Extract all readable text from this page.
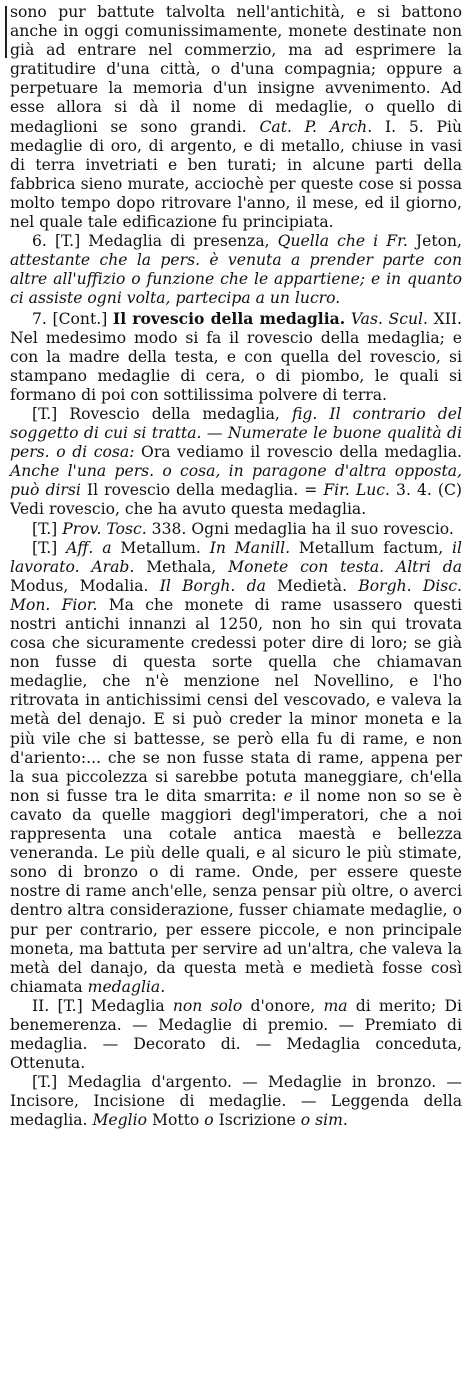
sono pur battute talvolta nell'antichità, e si battono anche in oggi comunissimamente, monete destinate non già ad entrare nel commerzio, ma ad esprimere la gratitudire d'una città, o d'una compagnia; oppure a perpetuare la memoria d'un insigne avvenimento. Ad esse allora si dà il nome di medaglie, o quello di medaglioni se sono grandi. Cat. P. Arch. I. 5. Più medaglie di oro, di argento, e di metallo, chiuse in vasi di terra invetriati e ben turati; in alcune parti della fabbrica sieno murate, acciochè per queste cose si possa molto tempo dopo ritrovare l'anno, il mese, ed il giorno, nel quale tale edificazione fu principiata.

6. [T.] Medaglia di presenza, Quella che i Fr. Jeton, attestante che la pers. è venuta a prender parte con altre all'uffizio o funzione che le appartiene; e in quanto ci assiste ogni volta, partecipa a un lucro.

7. [Cont.] Il rovescio della medaglia. Vas. Scul. XII. Nel medesimo modo si fa il rovescio della medaglia; e con la madre della testa, e con quella del rovescio, si stampano medaglie di cera, o di piombo, le quali si formano di poi con sottilissima polvere di terra.

[T.] Rovescio della medaglia, fig. Il contrario del soggetto di cui si tratta. — Numerate le buone qualità di pers. o di cosa: Ora vediamo il rovescio della medaglia. Anche l'una pers. o cosa, in paragone d'altra opposta, può dirsi Il rovescio della medaglia. = Fir. Luc. 3. 4. (C) Vedi rovescio, che ha avuto questa medaglia.

[T.] Prov. Tosc. 338. Ogni medaglia ha il suo rovescio.

[T.] Aff. a Metallum. In Manill. Metallum factum, il lavorato. Arab. Methala, Monete con testa. Altri da Modus, Modalia. Il Borgh. da Medietà. Borgh. Disc. Mon. Fior. Ma che monete di rame usassero questi nostri antichi innanzi al 1250, non ho sin qui trovata cosa che sicuramente credessi poter dire di loro; se già non fusse di questa sorte quella che chiamavan medaglie, che n'è menzione nel Novellino, e l'ho ritrovata in antichissimi censi del vescovado, e valeva la metà del denajo. E si può creder la minor moneta e la più vile che si battesse, se però ella fu di rame, e non d'ariento:... che se non fusse stata di rame, appena per la sua piccolezza si sarebbe potuta maneggiare, ch'ella non si fusse tra le dita smarrita: e il nome non so se è cavato da quelle maggiori degl'imperatori, che a noi rappresenta una cotale antica maestà e bellezza veneranda. Le più delle quali, e al sicuro le più stimate, sono di bronzo o di rame. Onde, per essere queste nostre di rame anch'elle, senza pensar più oltre, o averci dentro altra considerazione, fusser chiamate medaglie, o pur per contrario, per essere piccole, e non principale moneta, ma battuta per servire ad un'altra, che valeva la metà del danajo, da questa metà e medietà fosse così chiamata medaglia.

II. [T.] Medaglia non solo d'onore, ma di merito; Di benemerenza. — Medaglie di premio. — Premiato di medaglia. — Decorato di. — Medaglia conceduta, Ottenuta.

[T.] Medaglia d'argento. — Medaglie in bronzo. — Incisore, Incisione di medaglie. — Leggenda della medaglia. Meglio Motto o Iscrizione o sim.
